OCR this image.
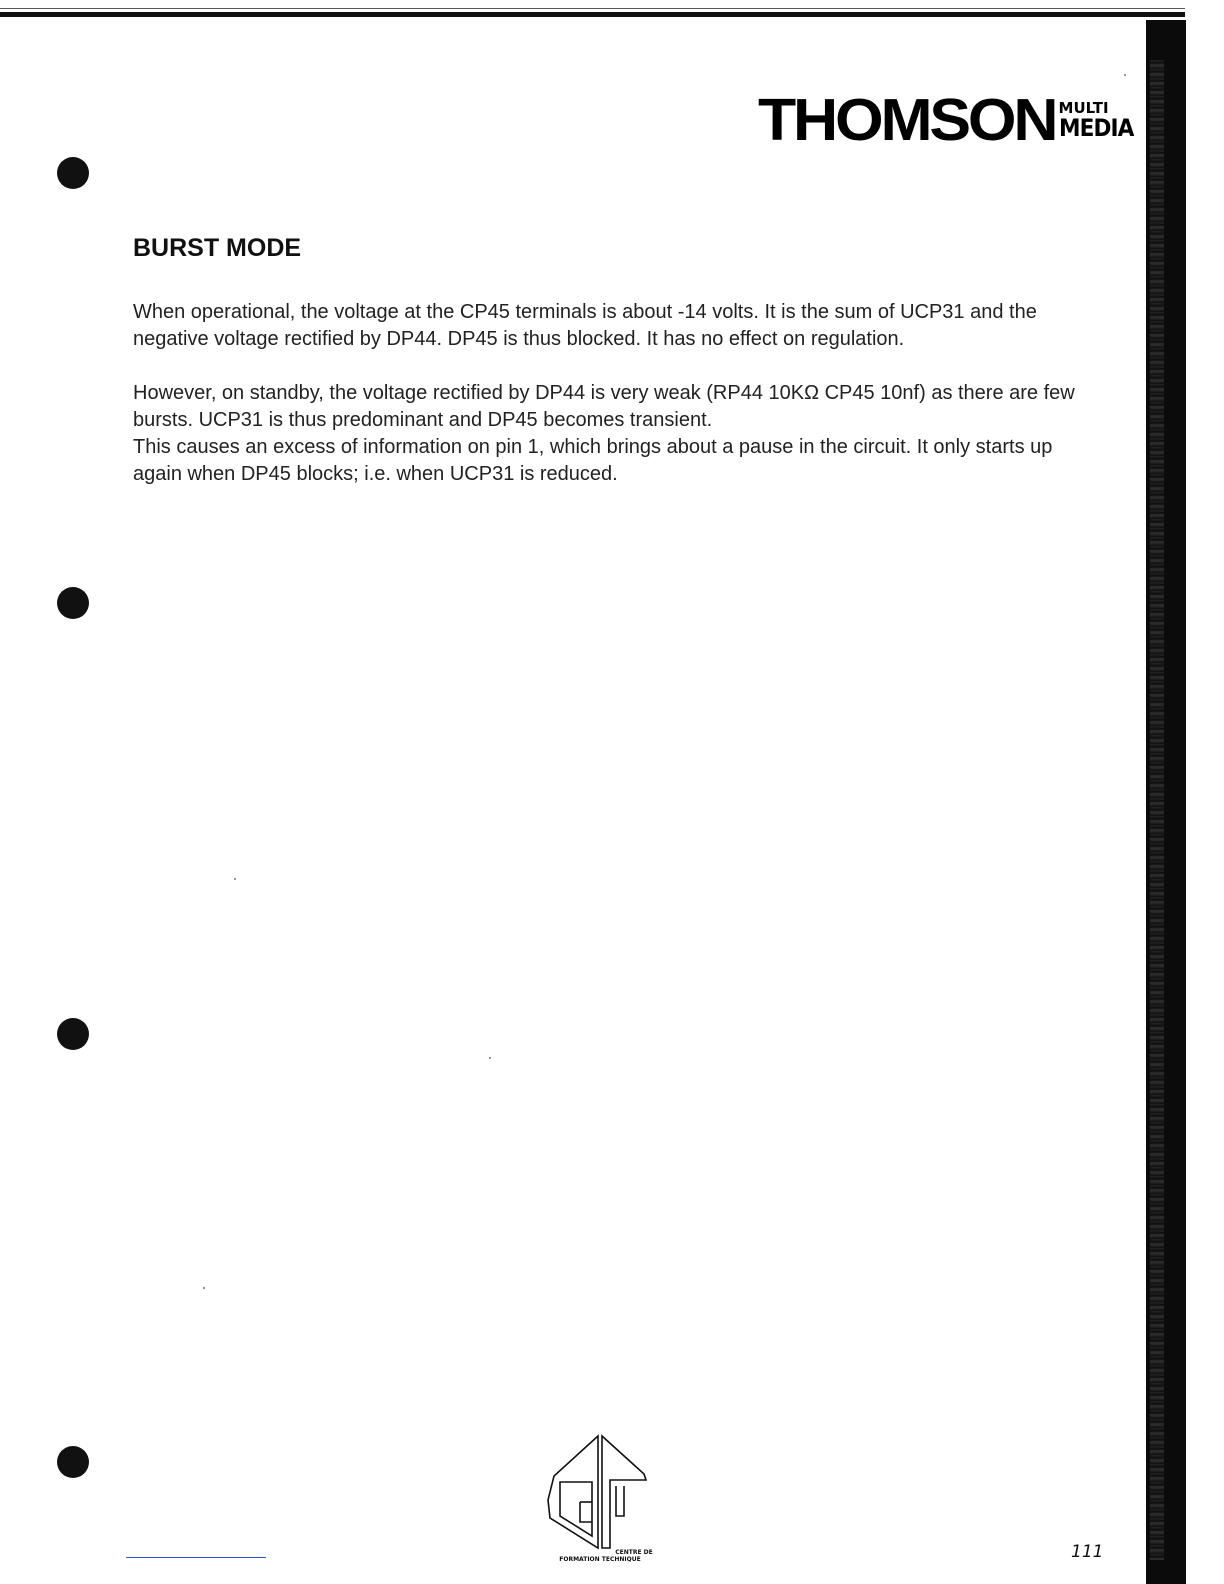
THOMSON MULTI
MEDIA
BURST MODE

When operational, the voltage at the CP45 terminals is about -14 volts. It is the sum of UCP31 and the negative voltage rectified by DP44. DP45 is thus blocked. It has no effect on regulation.

However, on standby, the voltage rectified by DP44 is very weak (RP44 10KΩ CP45 10nf) as there are few bursts. UCP31 is thus predominant and DP45 becomes transient.

This causes an excess of information on pin 1, which brings about a pause in the circuit. It only starts up again when DP45 blocks; i.e. when UCP31 is reduced.

CENTRE DE
FORMATION TECHNIQUE	111
